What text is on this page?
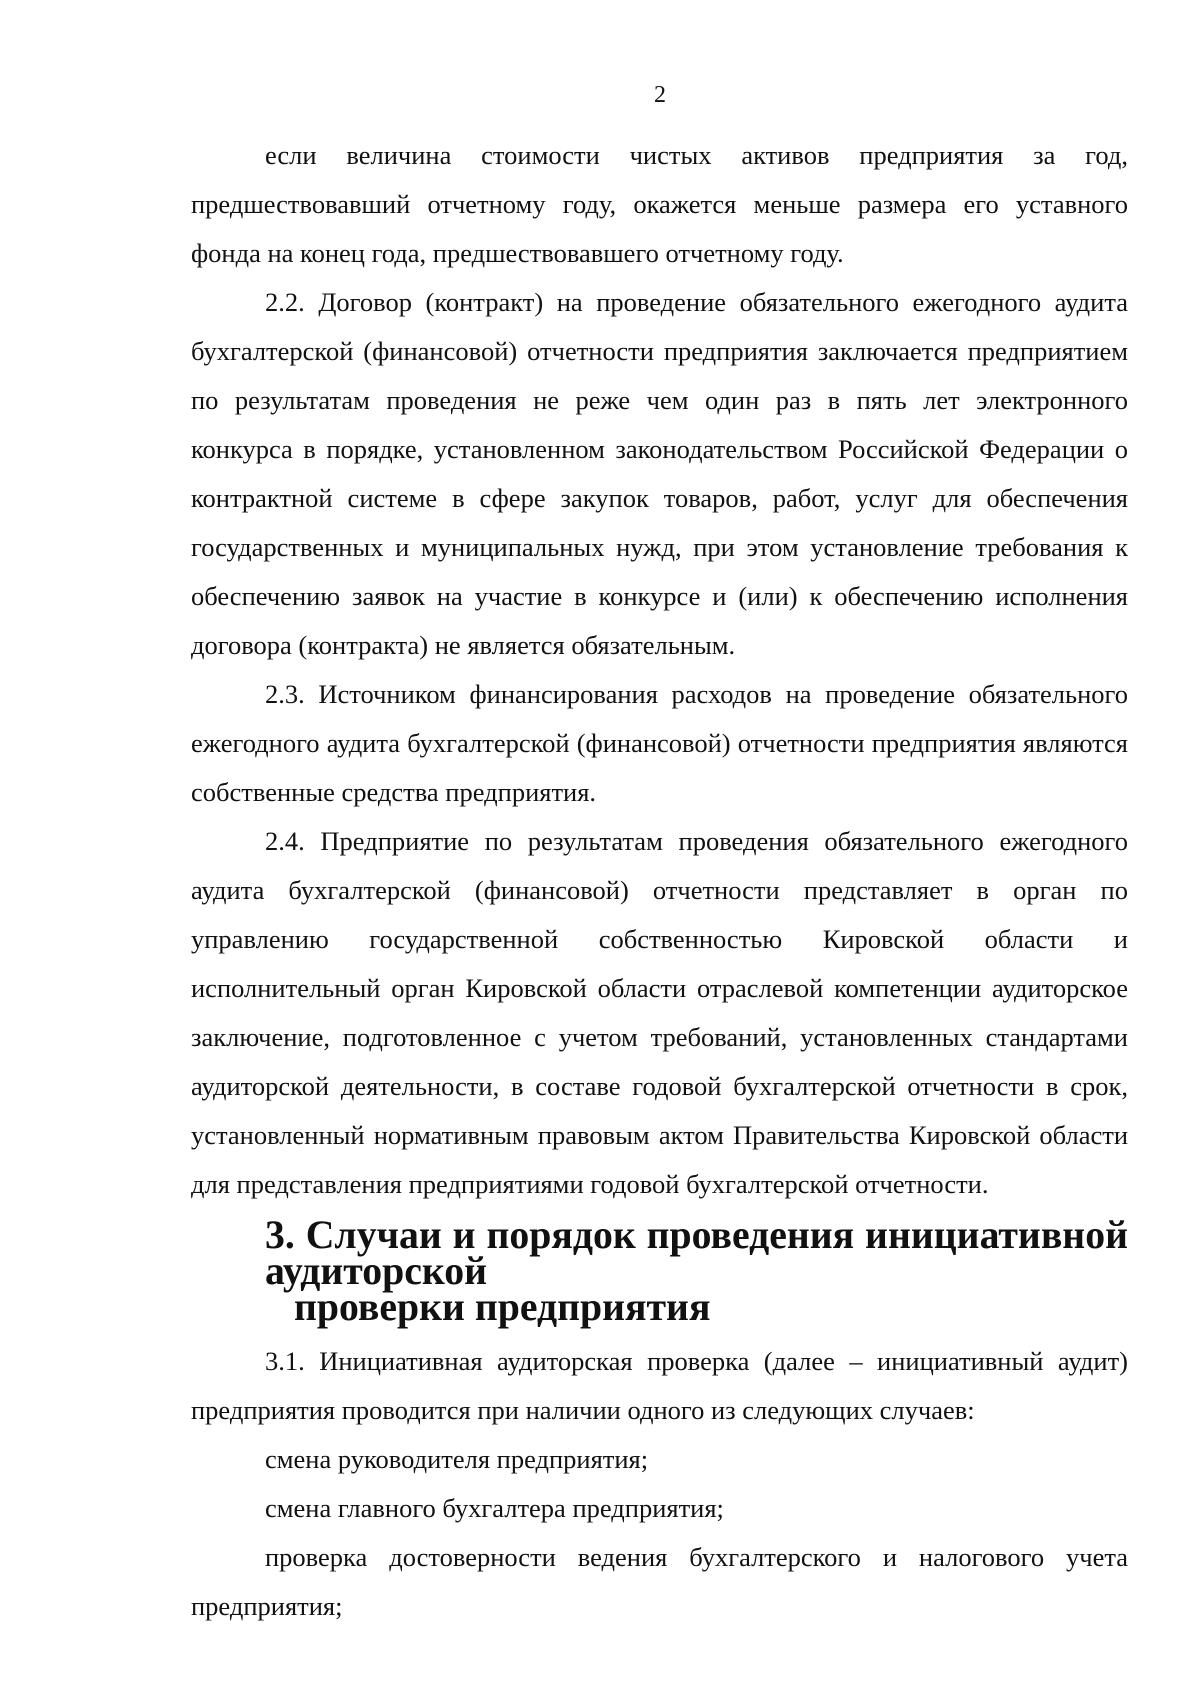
2

если величина стоимости чистых активов предприятия за год, предшествовавший отчетному году, окажется меньше размера его уставного фонда на конец года, предшествовавшего отчетному году.

2.2. Договор (контракт) на проведение обязательного ежегодного аудита бухгалтерской (финансовой) отчетности предприятия заключается предприятием по результатам проведения не реже чем один раз в пять лет электронного конкурса в порядке, установленном законодательством Российской Федерации о контрактной системе в сфере закупок товаров, работ, услуг для обеспечения государственных и муниципальных нужд, при этом установление требования к обеспечению заявок на участие в конкурсе и (или) к обеспечению исполнения договора (контракта) не является обязательным.

2.3. Источником финансирования расходов на проведение обязательного ежегодного аудита бухгалтерской (финансовой) отчетности предприятия являются собственные средства предприятия.

2.4. Предприятие по результатам проведения обязательного ежегодного аудита бухгалтерской (финансовой) отчетности представляет в орган по управлению государственной собственностью Кировской области и исполнительный орган Кировской области отраслевой компетенции аудиторское заключение, подготовленное с учетом требований, установленных стандартами аудиторской деятельности, в составе годовой бухгалтерской отчетности в срок, установленный нормативным правовым актом Правительства Кировской области для представления предприятиями годовой бухгалтерской отчетности.

3. Случаи и порядок проведения инициативной аудиторской
проверки предприятия

3.1. Инициативная аудиторская проверка (далее – инициативный аудит) предприятия проводится при наличии одного из следующих случаев:

смена руководителя предприятия;

смена главного бухгалтера предприятия;

проверка достоверности ведения бухгалтерского и налогового учета предприятия;
